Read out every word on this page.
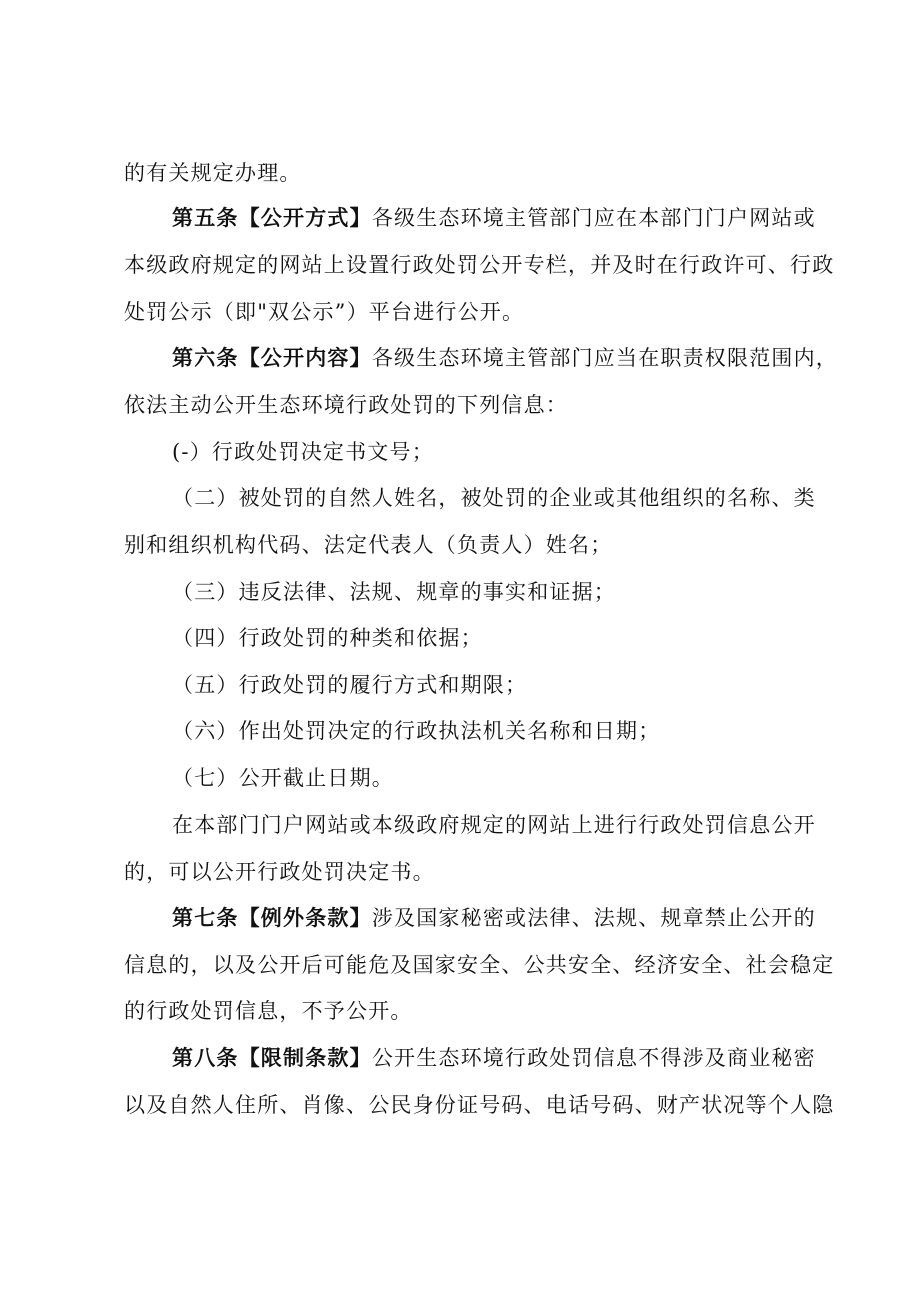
的有关规定办理。
第五条【公开方式】各级生态环境主管部门应在本部门门户网站或
本级政府规定的网站上设置行政处罚公开专栏，并及时在行政许可、行政
处罚公示（即"双公示”）平台进行公开。
第六条【公开内容】各级生态环境主管部门应当在职责权限范围内，
依法主动公开生态环境行政处罚的下列信息：
(-）行政处罚决定书文号；
（二）被处罚的自然人姓名，被处罚的企业或其他组织的名称、类
别和组织机构代码、法定代表人（负责人）姓名；
（三）违反法律、法规、规章的事实和证据；
（四）行政处罚的种类和依据；
（五）行政处罚的履行方式和期限；
（六）作出处罚决定的行政执法机关名称和日期；
（七）公开截止日期。
在本部门门户网站或本级政府规定的网站上进行行政处罚信息公开
的，可以公开行政处罚决定书。
第七条【例外条款】涉及国家秘密或法律、法规、规章禁止公开的
信息的，以及公开后可能危及国家安全、公共安全、经济安全、社会稳定
的行政处罚信息，不予公开。
第八条【限制条款】公开生态环境行政处罚信息不得涉及商业秘密
以及自然人住所、肖像、公民身份证号码、电话号码、财产状况等个人隐
